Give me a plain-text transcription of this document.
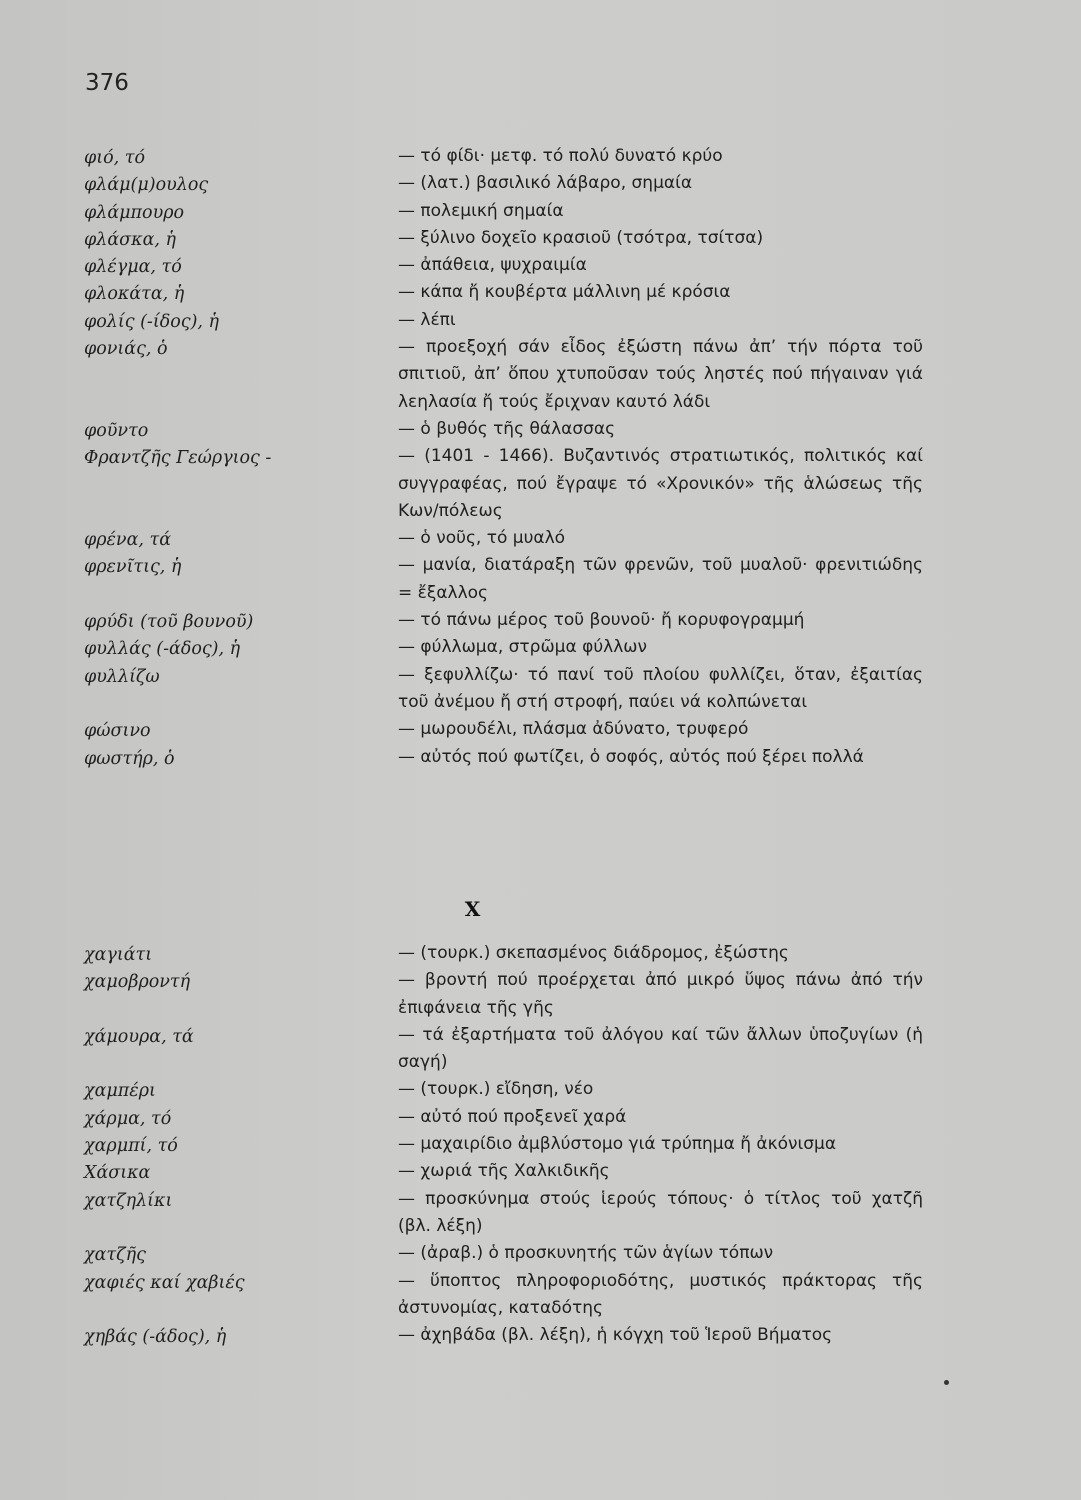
376
φιό, τό	— τό φίδι· μετφ. τό πολύ δυνατό κρύο
φλάμ(μ)ουλος	— (λατ.) βασιλικό λάβαρο, σημαία
φλάμπουρο	— πολεμική σημαία
φλάσκα, ἡ	— ξύλινο δοχεῖο κρασιοῦ (τσότρα, τσίτσα)
φλέγμα, τό	— ἀπάθεια, ψυχραιμία
φλοκάτα, ἡ	— κάπα ἤ κουβέρτα μάλλινη μέ κρόσια
φολίς (-ίδος), ἡ	— λέπι
φονιάς, ὁ	— προεξοχή σάν εἶδος ἐξώστη πάνω ἀπ’ τήν πόρτα τοῦ σπιτιοῦ, ἀπ’ ὅπου χτυποῦσαν τούς ληστές πού πήγαιναν γιά λεηλασία ἤ τούς ἔριχναν καυτό λάδι
φοῦντο	— ὁ βυθός τῆς θάλασσας
Φραντζῆς Γεώργιος -	— (1401 - 1466). Βυζαντινός στρατιωτικός, πολιτικός καί συγγραφέας, πού ἔγραψε τό «Χρονικόν» τῆς ἁλώσεως τῆς Κων/πόλεως
φρένα, τά	— ὁ νοῦς, τό μυαλό
φρενῖτις, ἡ	— μανία, διατάραξη τῶν φρενῶν, τοῦ μυαλοῦ· φρενιτιώδης = ἔξαλλος
φρύδι (τοῦ βουνοῦ)	— τό πάνω μέρος τοῦ βουνοῦ· ἤ κορυφογραμμή
φυλλάς (-άδος), ἡ	— φύλλωμα, στρῶμα φύλλων
φυλλίζω	— ξεφυλλίζω· τό πανί τοῦ πλοίου φυλλίζει, ὅταν, ἐξαιτίας τοῦ ἀνέμου ἤ στή στροφή, παύει νά κολπώνεται
φώσινο	— μωρουδέλι, πλάσμα ἀδύνατο, τρυφερό
φωστήρ, ὁ	— αὐτός πού φωτίζει, ὁ σοφός, αὐτός πού ξέρει πολλά
X
χαγιάτι	— (τουρκ.) σκεπασμένος διάδρομος, ἐξώστης
χαμοβροντή	— βροντή πού προέρχεται ἀπό μικρό ὕψος πάνω ἀπό τήν ἐπιφάνεια τῆς γῆς
χάμουρα, τά	— τά ἐξαρτήματα τοῦ ἀλόγου καί τῶν ἄλλων ὑποζυγίων (ἡ σαγή)
χαμπέρι	— (τουρκ.) εἴδηση, νέο
χάρμα, τό	— αὐτό πού προξενεῖ χαρά
χαρμπί, τό	— μαχαιρίδιο ἀμβλύστομο γιά τρύπημα ἤ ἀκόνισμα
Χάσικα	— χωριά τῆς Χαλκιδικῆς
χατζηλίκι	— προσκύνημα στούς ἱερούς τόπους· ὁ τίτλος τοῦ χατζῆ (βλ. λέξη)
χατζῆς	— (ἀραβ.) ὁ προσκυνητής τῶν ἁγίων τόπων
χαφιές καί χαβιές	— ὕποπτος πληροφοριοδότης, μυστικός πράκτορας τῆς ἀστυνομίας, καταδότης
χηβάς (-άδος), ἡ	— ἀχηβάδα (βλ. λέξη), ἡ κόγχη τοῦ Ἱεροῦ Βήματος
